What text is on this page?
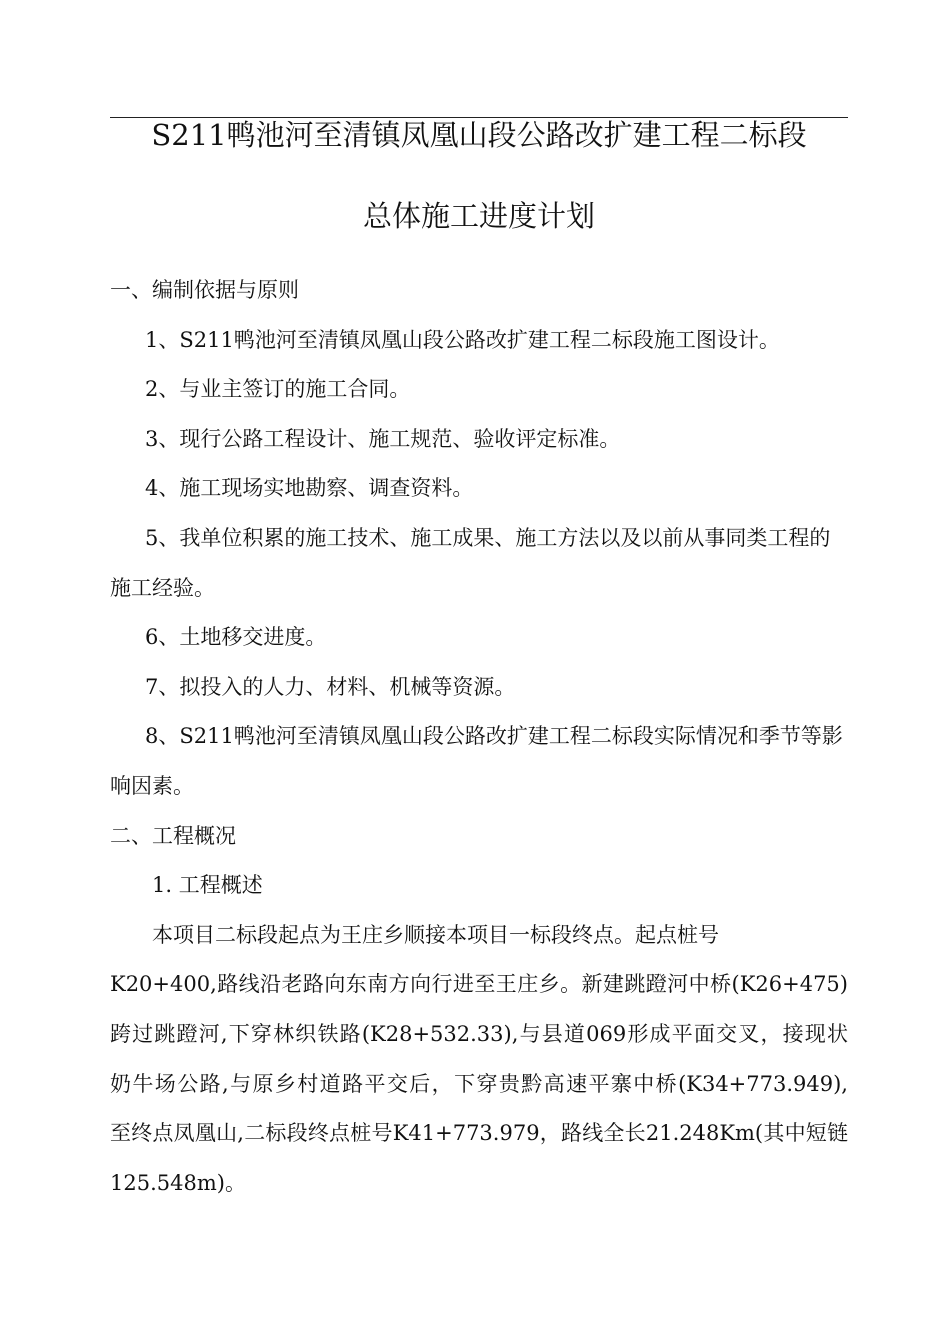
S211鸭池河至清镇凤凰山段公路改扩建工程二标段
总体施工进度计划

一、编制依据与原则

1、S211鸭池河至清镇凤凰山段公路改扩建工程二标段施工图设计。

2、与业主签订的施工合同。

3、现行公路工程设计、施工规范、验收评定标准。

4、施工现场实地勘察、调查资料。

5、我单位积累的施工技术、施工成果、施工方法以及以前从事同类工程的施工经验。

6、土地移交进度。

7、拟投入的人力、材料、机械等资源。

8、S211鸭池河至清镇凤凰山段公路改扩建工程二标段实际情况和季节等影响因素。

二、工程概况

1. 工程概述

本项目二标段起点为王庄乡顺接本项目一标段终点。起点桩号

K20+400,路线沿老路向东南方向行进至王庄乡。新建跳蹬河中桥(K26+475)

跨过跳蹬河,下穿林织铁路(K28+532.33),与县道069形成平面交叉，接现状

奶牛场公路,与原乡村道路平交后，下穿贵黔高速平寨中桥(K34+773.949),

至终点凤凰山,二标段终点桩号K41+773.979，路线全长21.248Km(其中短链

125.548m)。
